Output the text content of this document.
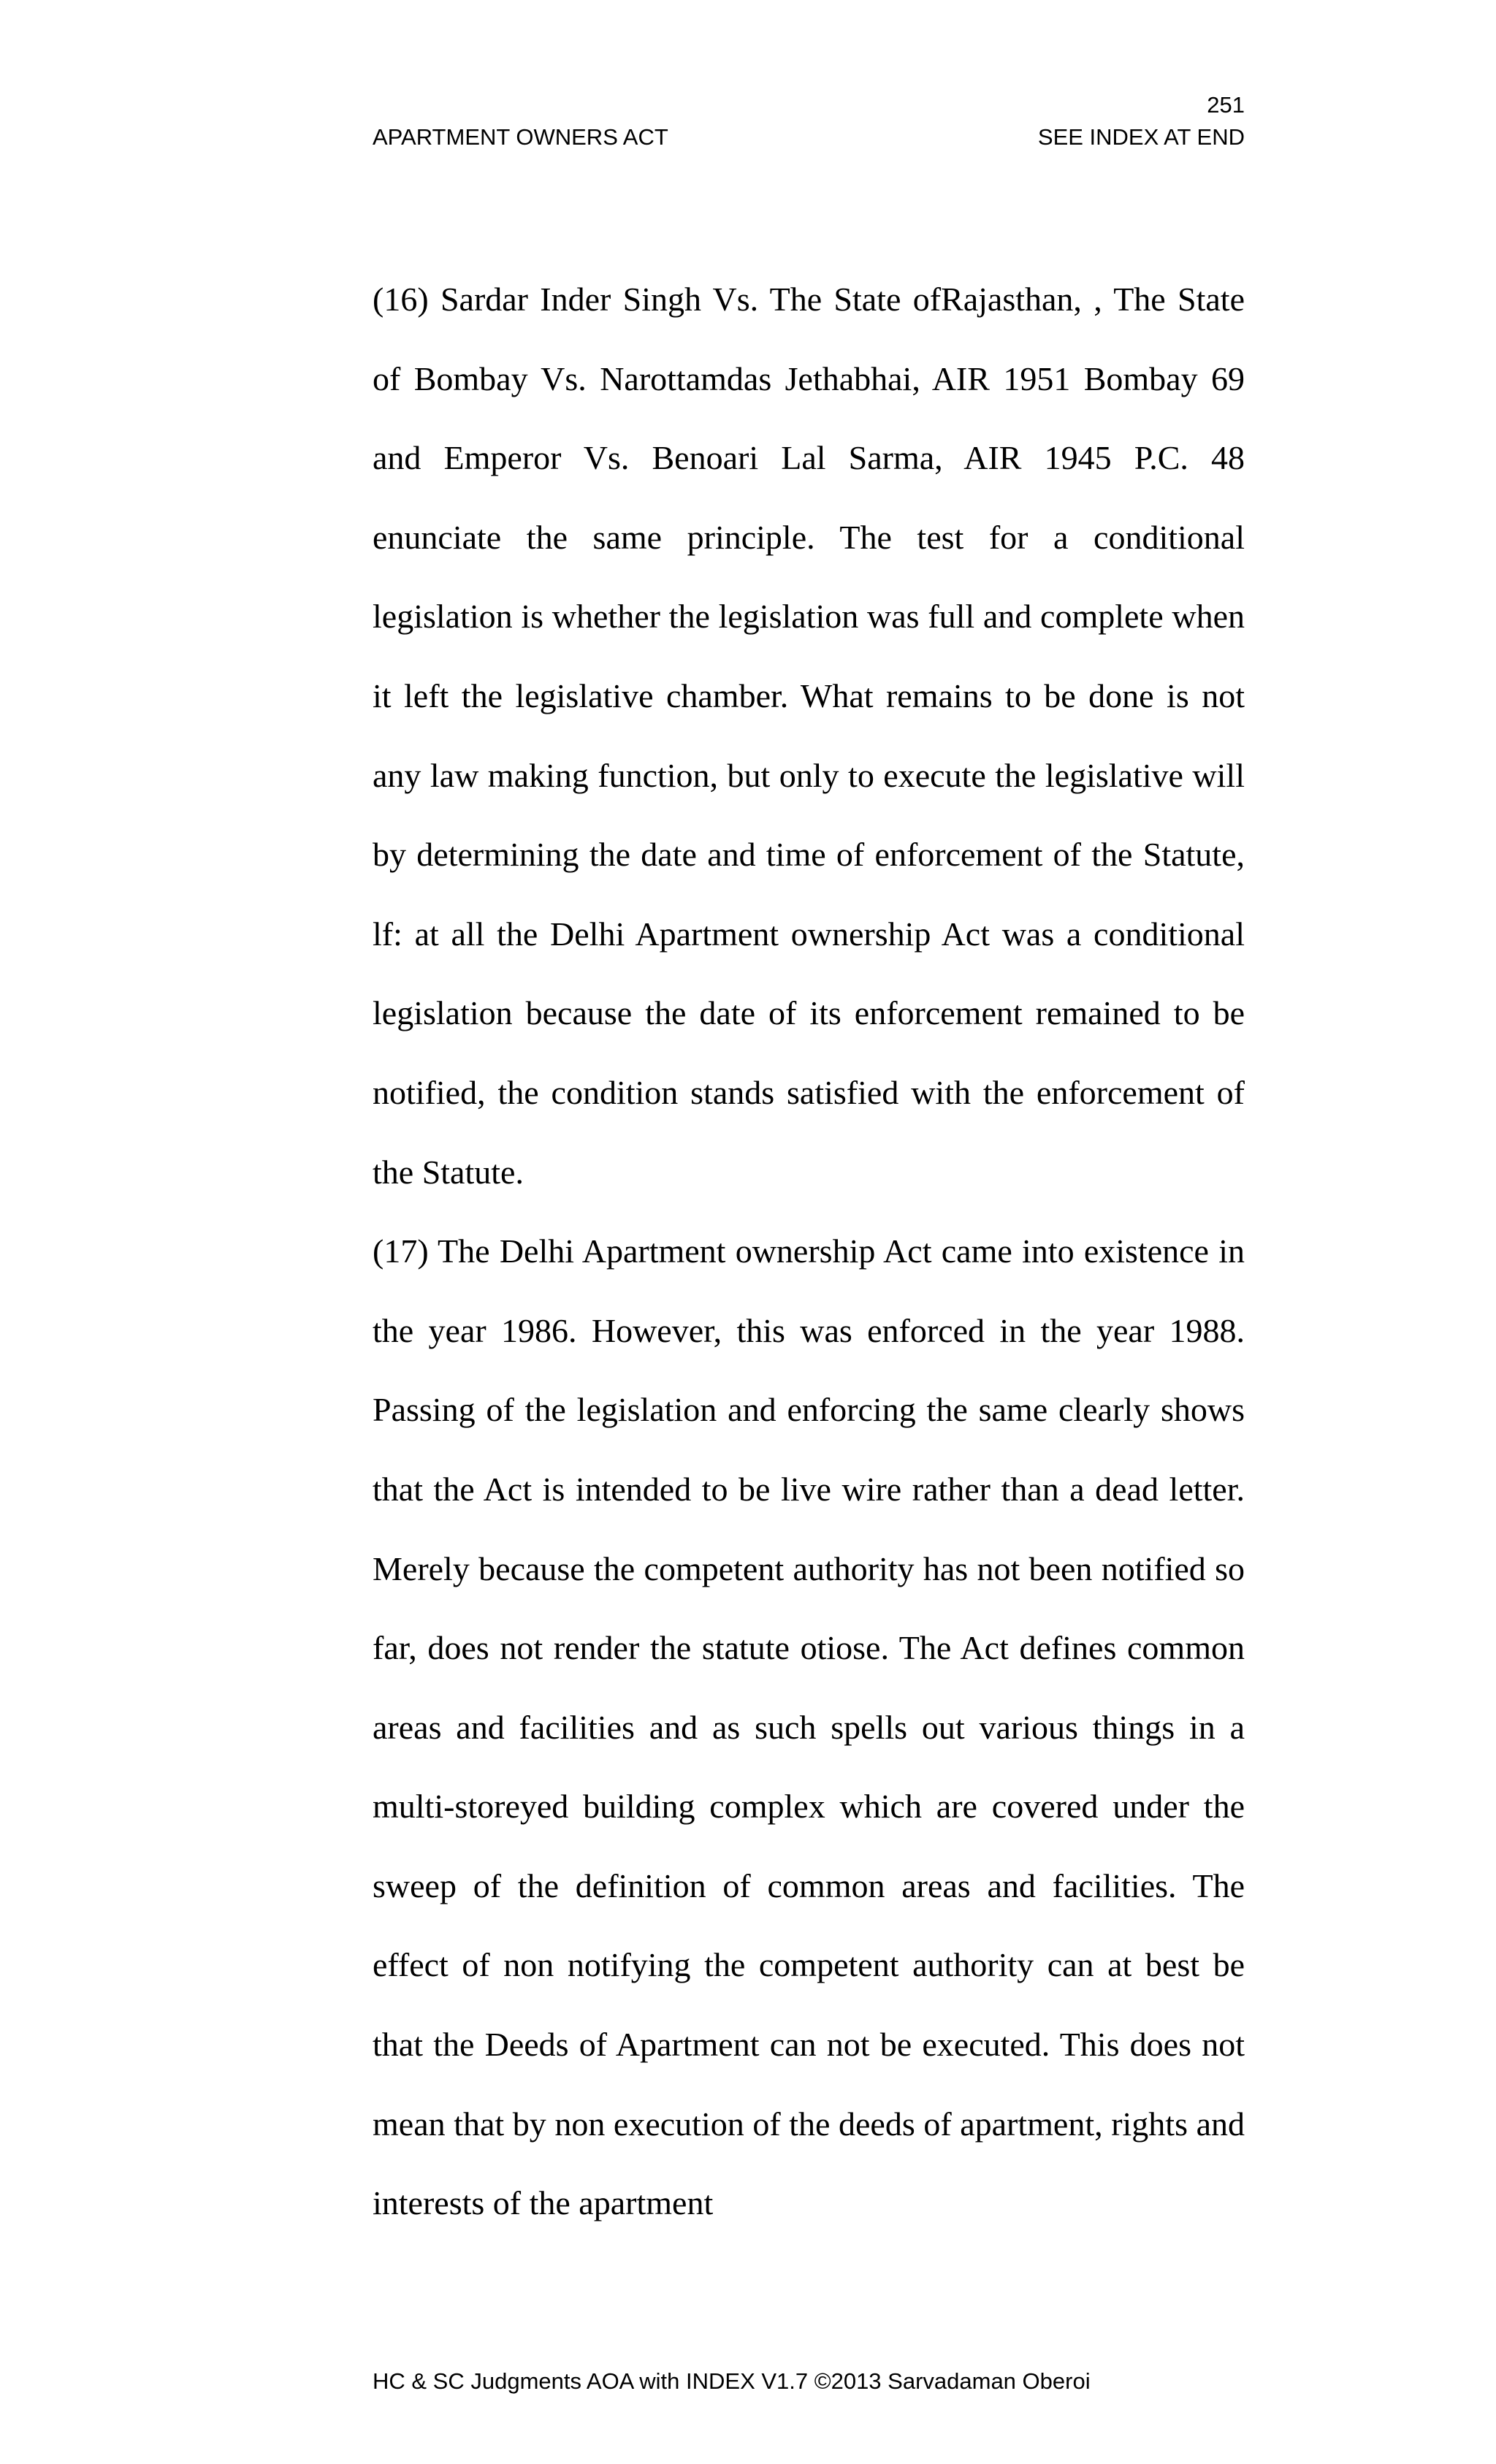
251
APARTMENT OWNERS ACT	SEE INDEX AT END

(16) Sardar Inder Singh Vs. The State ofRajasthan, , The State of Bombay Vs. Narottamdas Jethabhai, AIR 1951 Bombay 69 and Emperor Vs. Benoari Lal Sarma, AIR 1945 P.C. 48 enunciate the same principle. The test for a conditional legislation is whether the legislation was full and complete when it left the legislative chamber. What remains to be done is not any law making function, but only to execute the legislative will by determining the date and time of enforcement of the Statute, lf: at all the Delhi Apartment ownership Act was a conditional legislation because the date of its enforcement remained to be notified, the condition stands satisfied with the enforcement of the Statute.

(17) The Delhi Apartment ownership Act came into existence in the year 1986. However, this was enforced in the year 1988. Passing of the legislation and enforcing the same clearly shows that the Act is intended to be live wire rather than a dead letter. Merely because the competent authority has not been notified so far, does not render the statute otiose. The Act defines common areas and facilities and as such spells out various things in a multi-storeyed building complex which are covered under the sweep of the definition of common areas and facilities. The effect of non notifying the competent authority can at best be that the Deeds of Apartment can not be executed. This does not mean that by non execution of the deeds of apartment, rights and interests of the apartment

HC & SC Judgments AOA with INDEX V1.7 ©2013 Sarvadaman Oberoi
